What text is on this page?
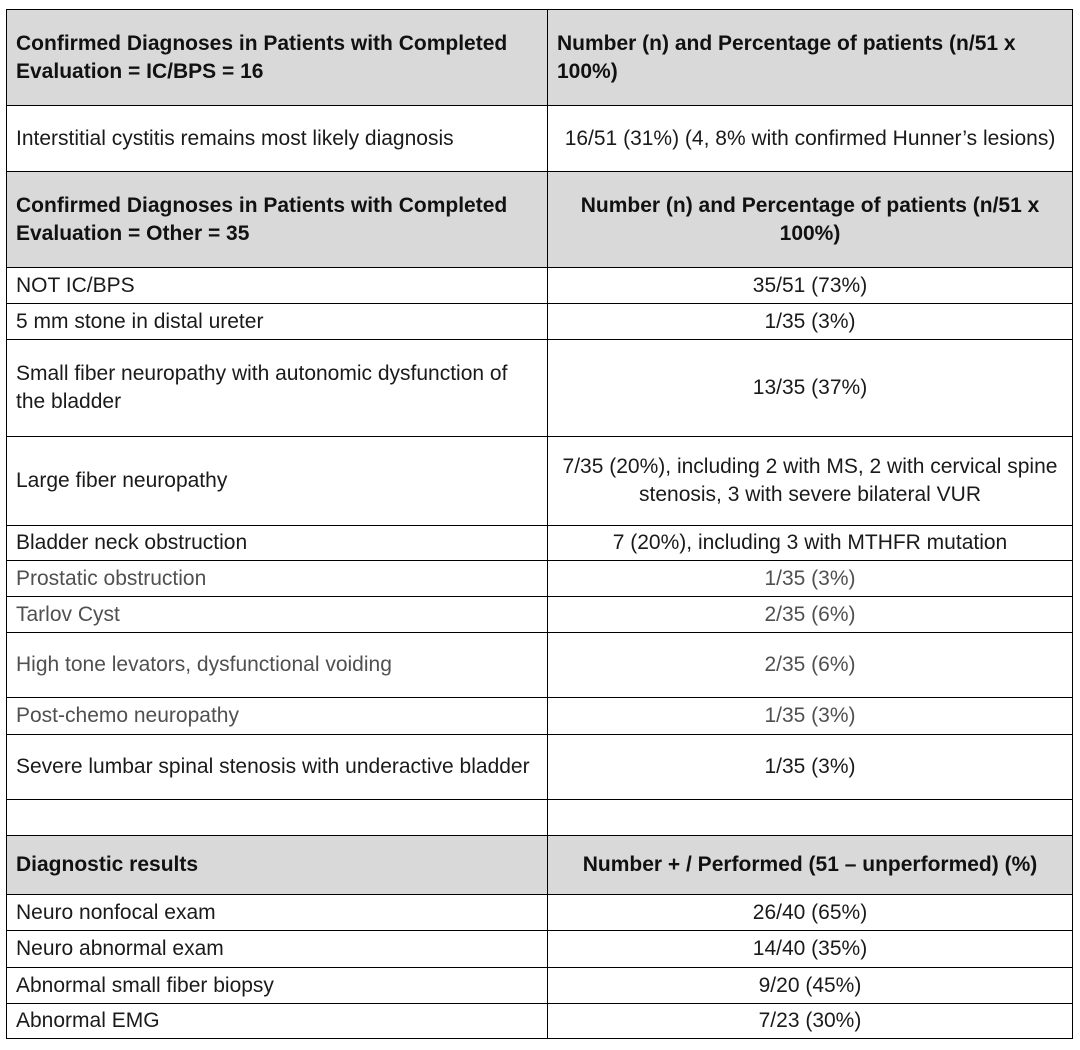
Confirmed Diagnoses in Patients with Completed Evaluation = IC/BPS = 16	Number (n) and Percentage of patients (n/51 x 100%)
Interstitial cystitis remains most likely diagnosis	16/51 (31%) (4, 8% with confirmed Hunner’s lesions)
Confirmed Diagnoses in Patients with Completed Evaluation = Other = 35	Number (n) and Percentage of patients (n/51 x 100%)
NOT IC/BPS	35/51 (73%)
5 mm stone in distal ureter	1/35 (3%)
Small fiber neuropathy with autonomic dysfunction of the bladder	13/35 (37%)
Large fiber neuropathy	7/35 (20%), including 2 with MS, 2 with cervical spine stenosis, 3 with severe bilateral VUR
Bladder neck obstruction	7 (20%), including 3 with MTHFR mutation
Prostatic obstruction	1/35 (3%)
Tarlov Cyst	2/35 (6%)
High tone levators, dysfunctional voiding	2/35 (6%)
Post-chemo neuropathy	1/35 (3%)
Severe lumbar spinal stenosis with underactive bladder	1/35 (3%)

Diagnostic results	Number + / Performed (51 – unperformed) (%)
Neuro nonfocal exam	26/40 (65%)
Neuro abnormal exam	14/40 (35%)
Abnormal small fiber biopsy	9/20 (45%)
Abnormal EMG	7/23 (30%)
